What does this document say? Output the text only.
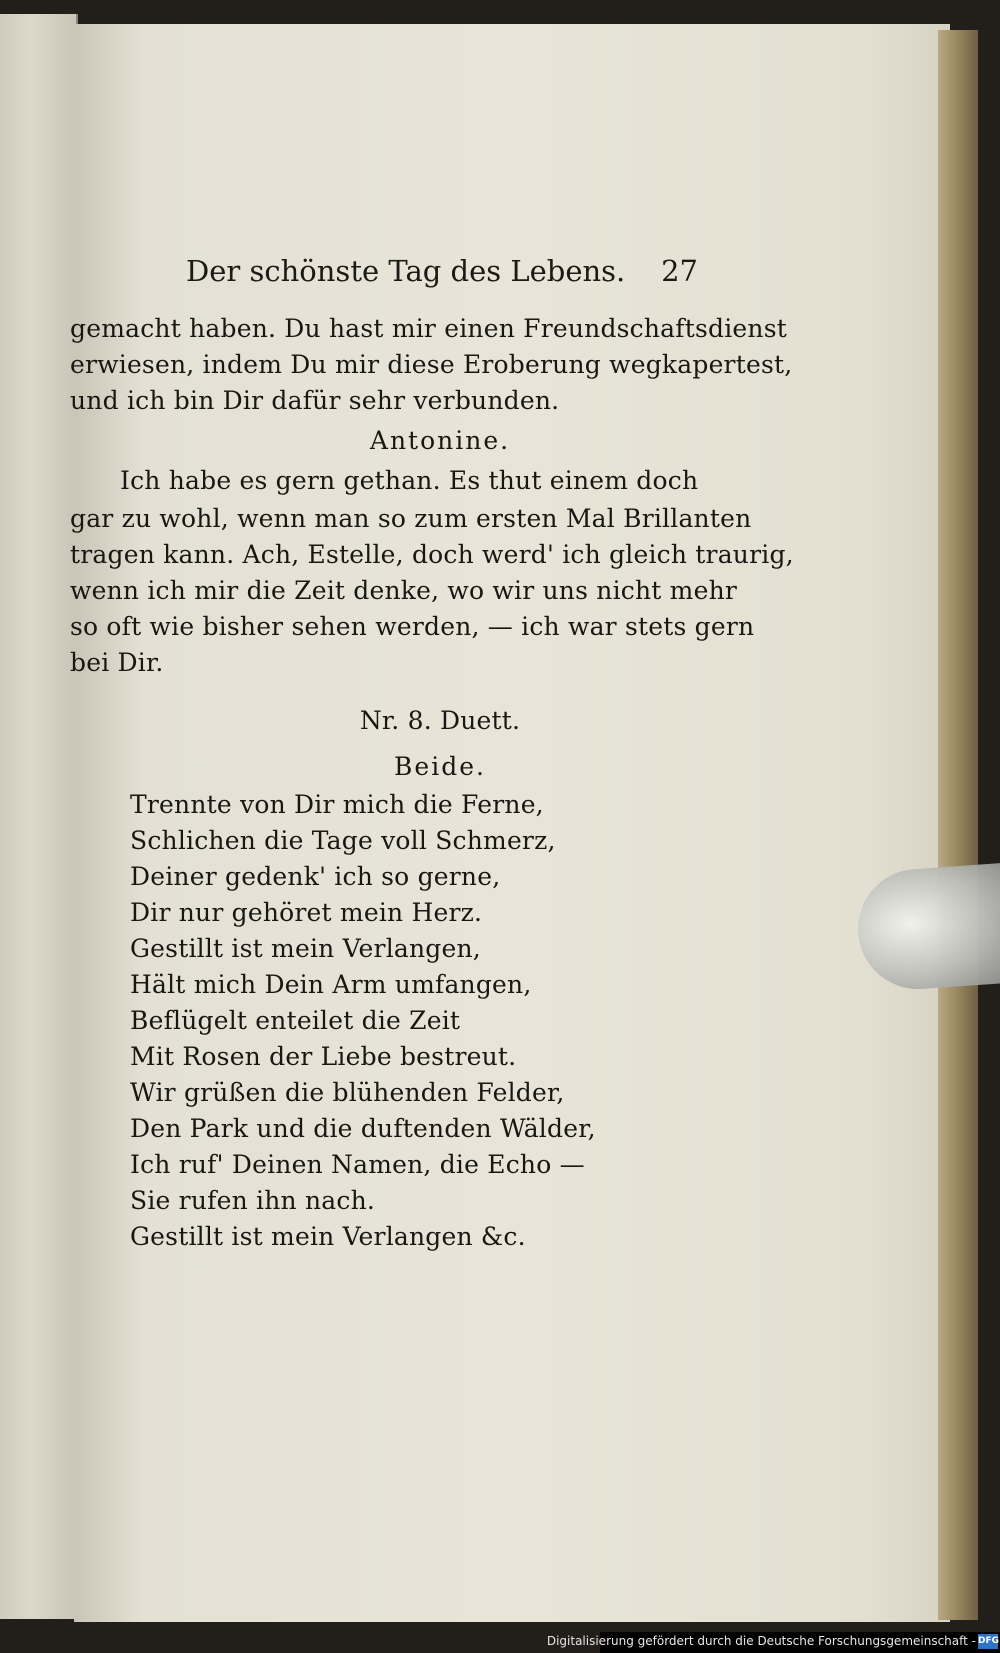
Der schönste Tag des Lebens. 27
gemacht haben. Du hast mir einen Freundschaftsdienst
erwiesen, indem Du mir diese Eroberung wegkapertest,
und ich bin Dir dafür sehr verbunden.
Antonine.
Ich habe es gern gethan. Es thut einem doch
gar zu wohl, wenn man so zum ersten Mal Brillanten
tragen kann. Ach, Estelle, doch werd' ich gleich traurig,
wenn ich mir die Zeit denke, wo wir uns nicht mehr
so oft wie bisher sehen werden, — ich war stets gern
bei Dir.
Nr. 8. Duett.
Beide.
Trennte von Dir mich die Ferne,
Schlichen die Tage voll Schmerz,
Deiner gedenk' ich so gerne,
Dir nur gehöret mein Herz.
Gestillt ist mein Verlangen,
Hält mich Dein Arm umfangen,
Beflügelt enteilet die Zeit
Mit Rosen der Liebe bestreut.
Wir grüßen die blühenden Felder,
Den Park und die duftenden Wälder,
Ich ruf' Deinen Namen, die Echo —
Sie rufen ihn nach.
Gestillt ist mein Verlangen &c.
Digitalisierung gefördert durch die Deutsche Forschungsgemeinschaft - DFG
